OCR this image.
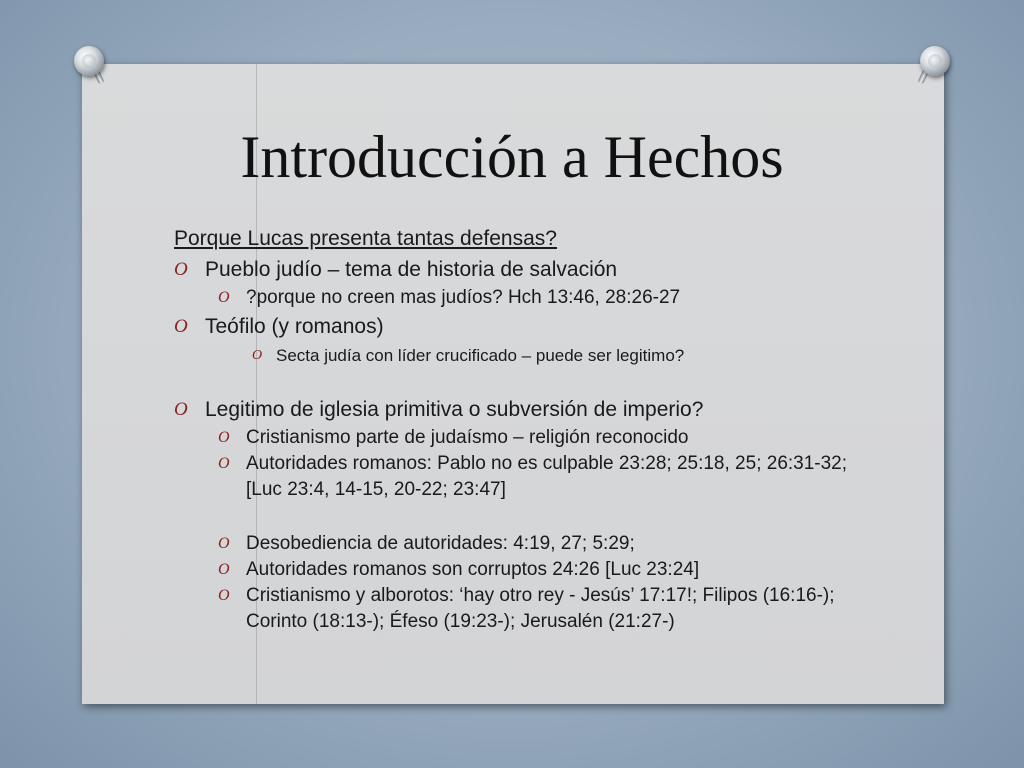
Introducción a Hechos
Porque Lucas presenta tantas defensas?
O Pueblo judío – tema de historia de salvación
O ?porque no creen mas judíos? Hch 13:46, 28:26-27
O Teófilo (y romanos)
O Secta judía con líder crucificado – puede ser legitimo?
O Legitimo de iglesia primitiva o subversión de imperio?
O Cristianismo parte de judaísmo – religión reconocido
O Autoridades romanos: Pablo no es culpable 23:28; 25:18, 25; 26:31-32; [Luc 23:4, 14-15, 20-22; 23:47]
O Desobediencia de autoridades: 4:19, 27; 5:29;
O Autoridades romanos son corruptos 24:26 [Luc 23:24]
O Cristianismo y alborotos: ‘hay otro rey - Jesús’ 17:17!; Filipos (16:16-); Corinto (18:13-); Éfeso (19:23-); Jerusalén (21:27-)
